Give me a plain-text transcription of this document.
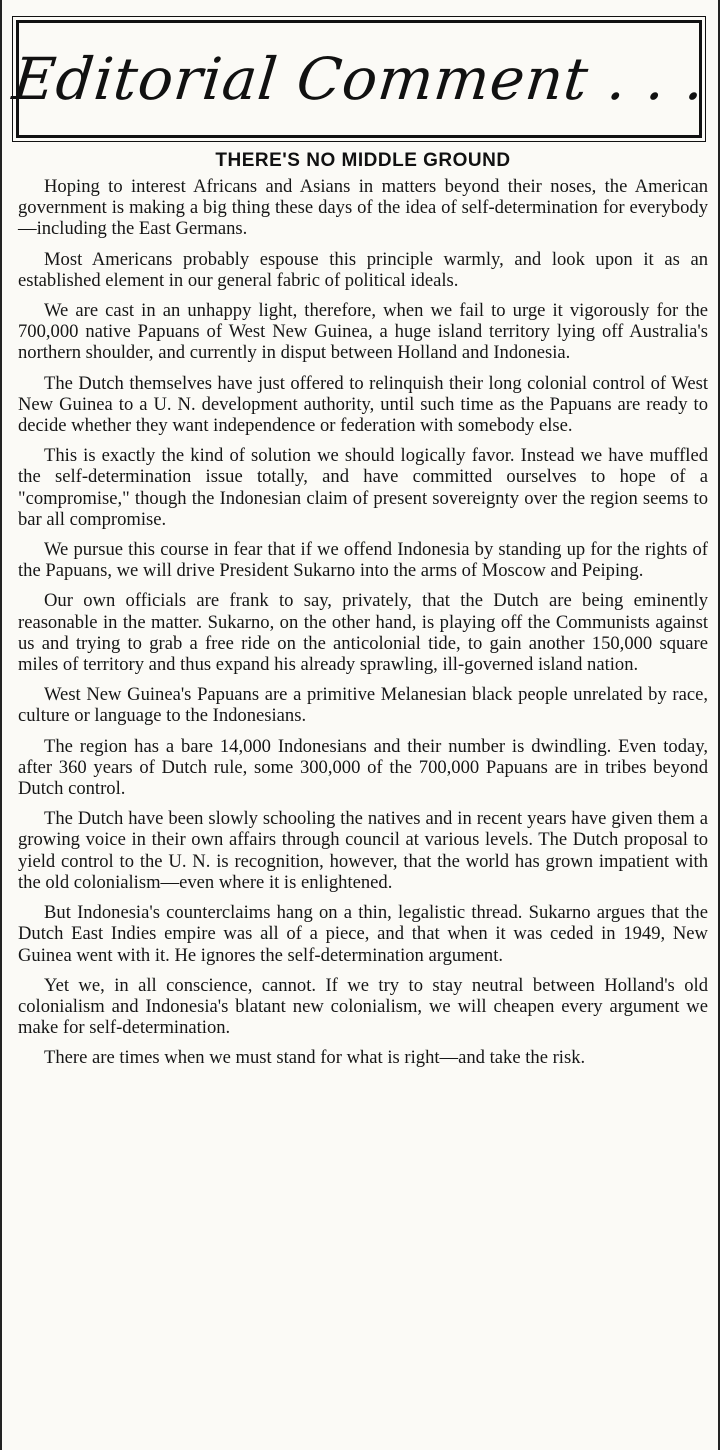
Editorial Comment . . .
THERE'S NO MIDDLE GROUND

Hoping to interest Africans and Asians in matters beyond their noses, the American government is making a big thing these days of the idea of self-determination for everybody—including the East Germans.

Most Americans probably espouse this principle warmly, and look upon it as an established element in our general fabric of political ideals.

We are cast in an unhappy light, therefore, when we fail to urge it vigorously for the 700,000 native Papuans of West New Guinea, a huge island territory lying off Australia's northern shoulder, and currently in disput between Holland and Indonesia.

The Dutch themselves have just offered to relinquish their long colonial control of West New Guinea to a U. N. development authority, until such time as the Papuans are ready to decide whether they want independence or federation with somebody else.

This is exactly the kind of solution we should logically favor. Instead we have muffled the self-determination issue totally, and have committed ourselves to hope of a "compromise," though the Indonesian claim of present sovereignty over the region seems to bar all compromise.

We pursue this course in fear that if we offend Indonesia by standing up for the rights of the Papuans, we will drive President Sukarno into the arms of Moscow and Peiping.

Our own officials are frank to say, privately, that the Dutch are being eminently reasonable in the matter. Sukarno, on the other hand, is playing off the Communists against us and trying to grab a free ride on the anticolonial tide, to gain another 150,000 square miles of territory and thus expand his already sprawling, ill-governed island nation.

West New Guinea's Papuans are a primitive Melanesian black people unrelated by race, culture or language to the Indonesians.

The region has a bare 14,000 Indonesians and their number is dwindling. Even today, after 360 years of Dutch rule, some 300,000 of the 700,000 Papuans are in tribes beyond Dutch control.

The Dutch have been slowly schooling the natives and in recent years have given them a growing voice in their own affairs through council at various levels. The Dutch proposal to yield control to the U. N. is recognition, however, that the world has grown impatient with the old colonialism—even where it is enlightened.

But Indonesia's counterclaims hang on a thin, legalistic thread. Sukarno argues that the Dutch East Indies empire was all of a piece, and that when it was ceded in 1949, New Guinea went with it. He ignores the self-determination argument.

Yet we, in all conscience, cannot. If we try to stay neutral between Holland's old colonialism and Indonesia's blatant new colonialism, we will cheapen every argument we make for self-determination.

There are times when we must stand for what is right—and take the risk.
